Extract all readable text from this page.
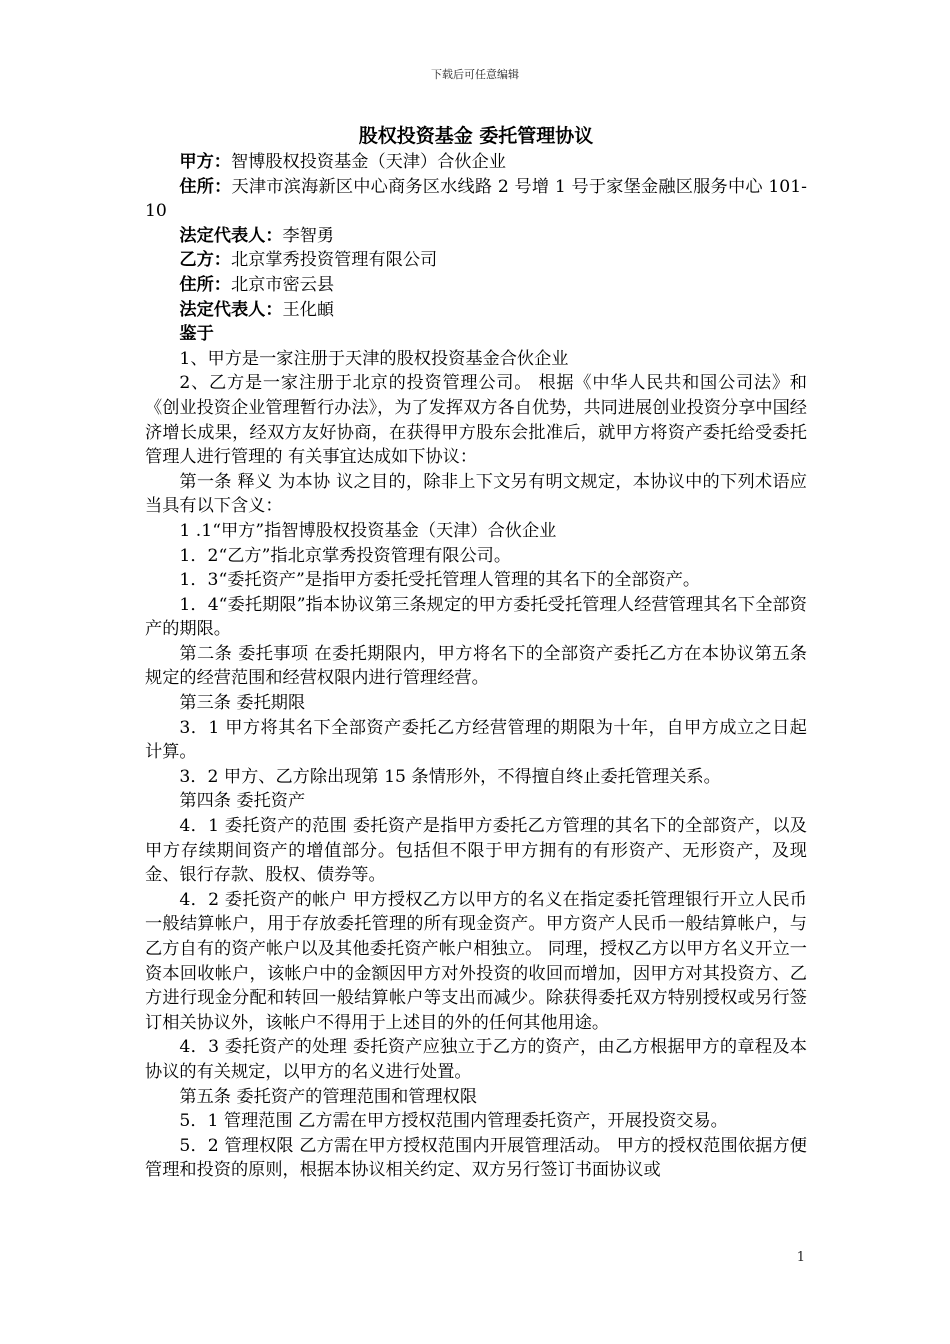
下载后可任意编辑

股权投资基金 委托管理协议

甲方：智博股权投资基金（天津）合伙企业

住所：天津市滨海新区中心商务区水线路 2 号增 1 号于家堡金融区服务中心 101-10

法定代表人：李智勇

乙方：北京掌秀投资管理有限公司

住所：北京市密云县

法定代表人：王化頔

鉴于

1、甲方是一家注册于天津的股权投资基金合伙企业

2、乙方是一家注册于北京的投资管理公司。 根据《中华人民共和国公司法》和《创业投资企业管理暂行办法》，为了发挥双方各自优势，共同进展创业投资分享中国经济增长成果，经双方友好协商，在获得甲方股东会批准后，就甲方将资产委托给受委托管理人进行管理的 有关事宜达成如下协议：

第一条 释义 为本协 议之目的，除非上下文另有明文规定，本协议中的下列术语应当具有以下含义：

1 .1“甲方”指智博股权投资基金（天津）合伙企业

1．2“乙方”指北京掌秀投资管理有限公司。

1．3“委托资产”是指甲方委托受托管理人管理的其名下的全部资产。

1．4“委托期限”指本协议第三条规定的甲方委托受托管理人经营管理其名下全部资产的期限。

第二条 委托事项 在委托期限内，甲方将名下的全部资产委托乙方在本协议第五条规定的经营范围和经营权限内进行管理经营。

第三条 委托期限

3．1 甲方将其名下全部资产委托乙方经营管理的期限为十年，自甲方成立之日起计算。

3．2 甲方、乙方除出现第 15 条情形外，不得擅自终止委托管理关系。

第四条 委托资产

4．1 委托资产的范围 委托资产是指甲方委托乙方管理的其名下的全部资产，以及甲方存续期间资产的增值部分。包括但不限于甲方拥有的有形资产、无形资产，及现金、银行存款、股权、债券等。

4．2 委托资产的帐户 甲方授权乙方以甲方的名义在指定委托管理银行开立人民币一般结算帐户，用于存放委托管理的所有现金资产。甲方资产人民币一般结算帐户，与乙方自有的资产帐户以及其他委托资产帐户相独立。 同理，授权乙方以甲方名义开立一资本回收帐户，该帐户中的金额因甲方对外投资的收回而增加，因甲方对其投资方、乙方进行现金分配和转回一般结算帐户等支出而减少。除获得委托双方特别授权或另行签订相关协议外，该帐户不得用于上述目的外的任何其他用途。

4．3 委托资产的处理 委托资产应独立于乙方的资产，由乙方根据甲方的章程及本协议的有关规定，以甲方的名义进行处置。

第五条 委托资产的管理范围和管理权限

5．1 管理范围 乙方需在甲方授权范围内管理委托资产，开展投资交易。

5．2 管理权限 乙方需在甲方授权范围内开展管理活动。 甲方的授权范围依据方便管理和投资的原则，根据本协议相关约定、双方另行签订书面协议或

1
